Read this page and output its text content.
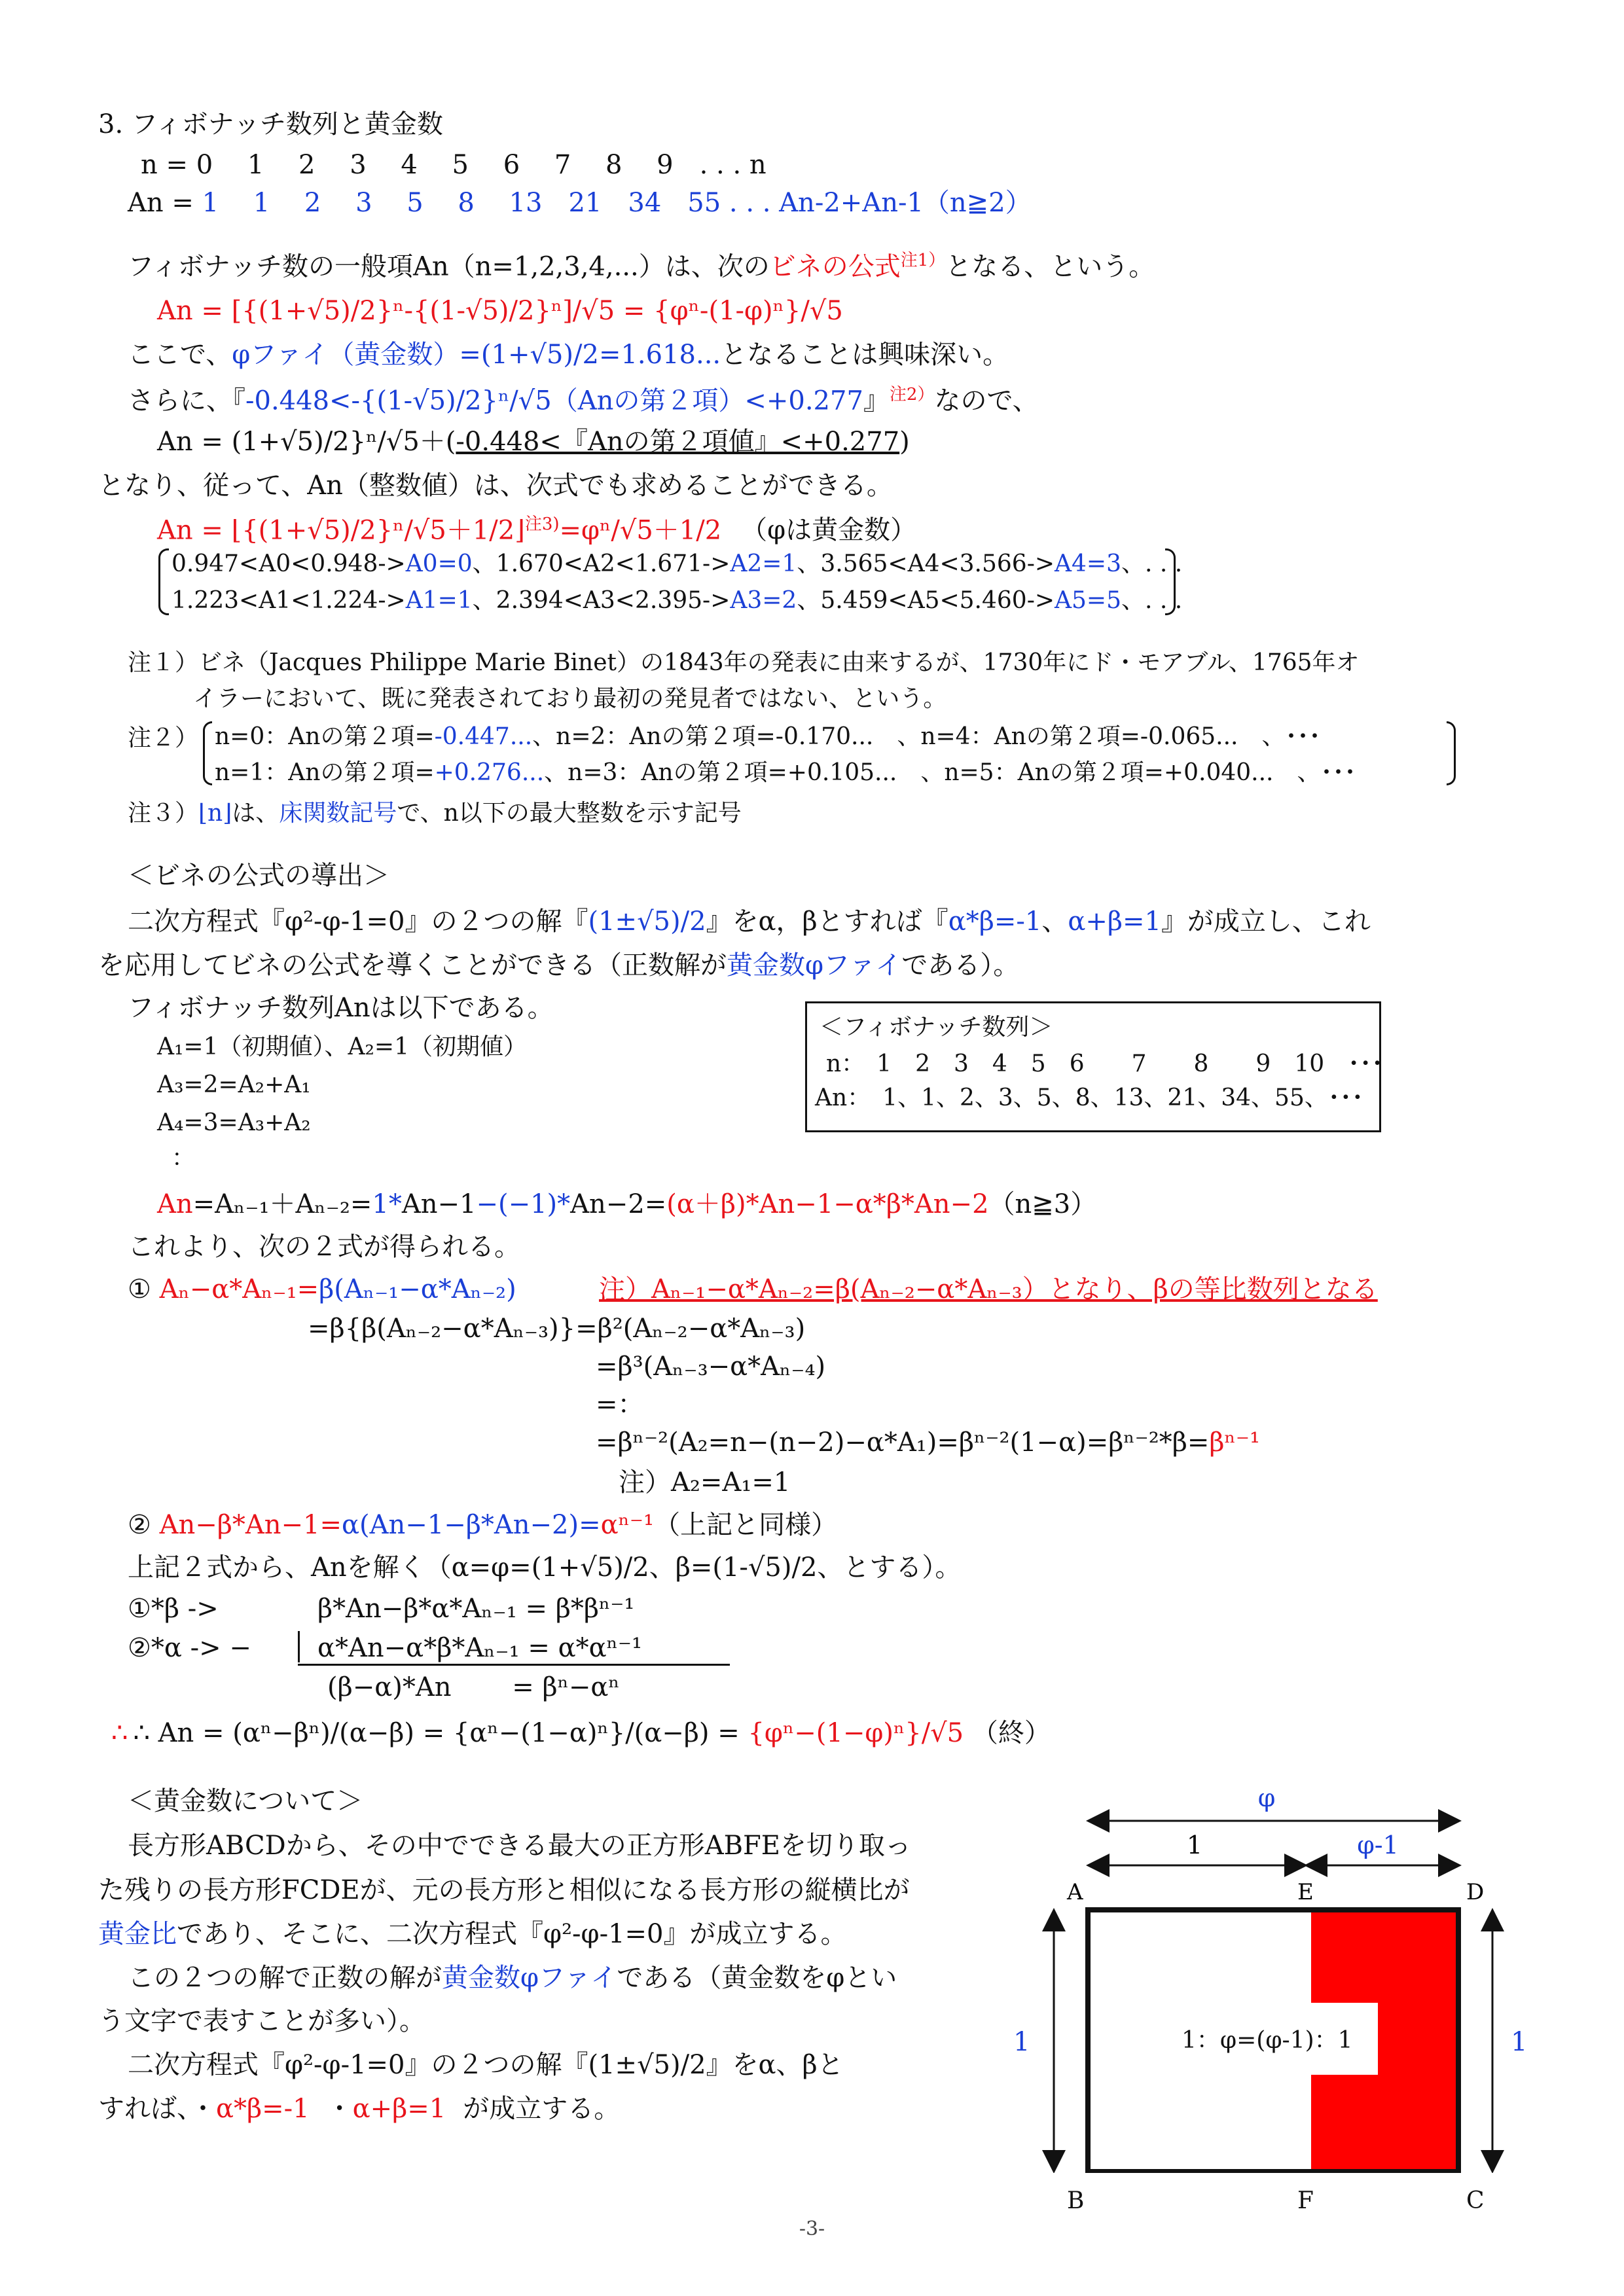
3. フィボナッチ数列と黄金数
n = 0　 1　 2　 3　 4　 5　 6　 7　 8　 9　. . . n
An = 1　 1　 2　 3　 5　 8　 13　21　34　55 . . . An-2+An-1（n≧2）
フィボナッチ数の一般項An（n=1,2,3,4,...）は、次のビネの公式$^{注1)}$となる、という。
An = [{(1+√5)/2}ⁿ-{(1-√5)/2}ⁿ]/√5 = {φⁿ-(1-φ)ⁿ}/√5
ここで、φファイ（黄金数）=(1+√5)/2=1.618...となることは興味深い。
さらに、『-0.448<-{(1-√5)/2}ⁿ/√5（Anの第２項）<+0.277』$^{注2)}$なので、
An = (1+√5)/2}ⁿ/√5＋(-0.448<『Anの第２項値』<+0.277)
となり、従って、An（整数値）は、次式でも求めることができる。
An = ⌊{(1+√5)/2}ⁿ/√5＋1/2⌋$^{注3)}$=φⁿ/√5＋1/2 （φは黄金数）
0.947<A0<0.948->A0=0、1.670<A2<1.671->A2=1、3.565<A4<3.566->A4=3、. . .
1.223<A1<1.224->A1=1、2.394<A3<2.395->A3=2、5.459<A5<5.460->A5=5、. . .
注１）ビネ（Jacques Philippe Marie Binet）の1843年の発表に由来するが、1730年にド・モアブル、1765年オ
イラーにおいて、既に発表されており最初の発見者ではない、という。
注２） n=0：Anの第２項=-0.447...、n=2：Anの第２項=-0.170...　、n=4：Anの第２項=-0.065...　、･･･
n=1：Anの第２項=+0.276...、n=3：Anの第２項=+0.105...　、n=5：Anの第２項=+0.040...　、･･･
注３）⌊n⌋は、床関数記号で、n以下の最大整数を示す記号
＜ビネの公式の導出＞
二次方程式『φ²-φ-1=0』の２つの解『(1±√5)/2』をα，βとすれば『α*β=-1、α+β=1』が成立し、これ
を応用してビネの公式を導くことができる（正数解が黄金数φファイである）。
フィボナッチ数列Anは以下である。
A₁=1（初期値）、A₂=1（初期値）
A₃=2=A₂+A₁
A₄=3=A₃+A₂
：
＜フィボナッチ数列＞
n：　1　2　3　4　5　6　　7　　8　　9　10　･･･
An：　1、1、2、3、5、8、13、21、34、55、･･･
An=Aₙ₋₁＋Aₙ₋₂=1*An−1−(−1)*An−2=(α＋β)*An−1−α*β*An−2（n≧3）
これより、次の２式が得られる。
① Aₙ−α*Aₙ₋₁=β(Aₙ₋₁−α*Aₙ₋₂)	注）Aₙ₋₁−α*Aₙ₋₂=β(Aₙ₋₂−α*Aₙ₋₃）となり、βの等比数列となる
=β{β(Aₙ₋₂−α*Aₙ₋₃)}=β²(Aₙ₋₂−α*Aₙ₋₃)
=β³(Aₙ₋₃−α*Aₙ₋₄)
=：
=βⁿ⁻²(A₂=n−(n−2)−α*A₁)=βⁿ⁻²(1−α)=βⁿ⁻²*β=βⁿ⁻¹
注）A₂=A₁=1
② An−β*An−1=α(An−1−β*An−2)=αⁿ⁻¹（上記と同様）
上記２式から、Anを解く（α=φ=(1+√5)/2、β=(1-√5)/2、とする）。
①*β ->	β*An−β*α*Aₙ₋₁ = β*βⁿ⁻¹
②*α -> −	α*An−α*β*Aₙ₋₁ = α*αⁿ⁻¹
(β−α)*An　　 = βⁿ−αⁿ
∴ ∴ An = (αⁿ−βⁿ)/(α−β) = {αⁿ−(1−α)ⁿ}/(α−β) = {φⁿ−(1−φ)ⁿ}/√5 （終）
＜黄金数について＞
長方形ABCDから、その中でできる最大の正方形ABFEを切り取っ
た残りの長方形FCDEが、元の長方形と相似になる長方形の縦横比が
黄金比であり、そこに、二次方程式『φ²-φ-1=0』が成立する。
この２つの解で正数の解が黄金数φファイである（黄金数をφとい
う文字で表すことが多い）。
二次方程式『φ²-φ-1=0』の２つの解『(1±√5)/2』をα、βと
すれば、・α*β=-1 ・α+β=1 が成立する。
φ
1	φ-1
A	E	D
1	1
1：φ=(φ-1)：1
B	F	C
-3-
